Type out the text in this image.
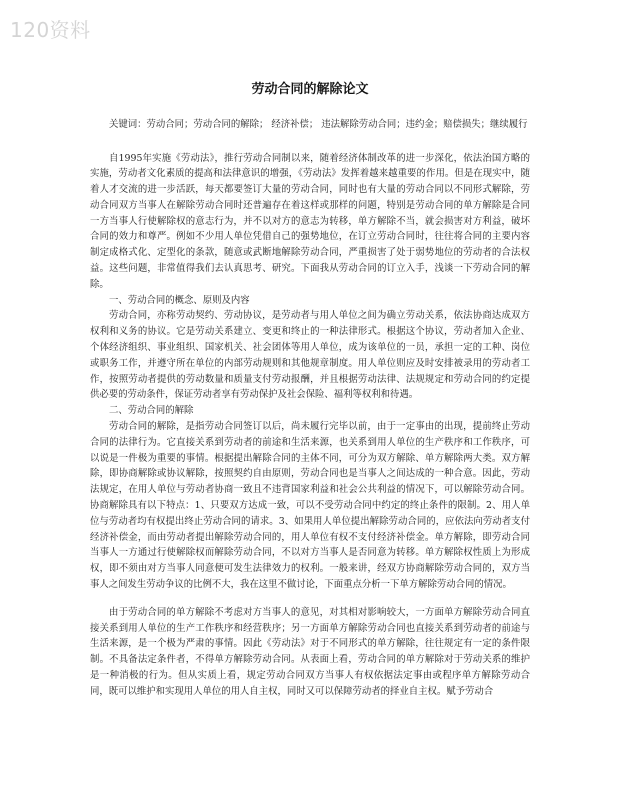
120资料
劳动合同的解除论文

关键词：劳动合同；劳动合同的解除； 经济补偿； 违法解除劳动合同；违约金；赔偿损失；继续履行

自1995年实施《劳动法》，推行劳动合同制以来，随着经济体制改革的进一步深化，依法治国方略的实施，劳动者文化素质的提高和法律意识的增强，《劳动法》发挥着越来越重要的作用。但是在现实中，随着人才交流的进一步活跃，每天都要签订大量的劳动合同，同时也有大量的劳动合同以不同形式解除，劳动合同双方当事人在解除劳动合同时还普遍存在着这样或那样的问题，特别是劳动合同的单方解除是合同一方当事人行使解除权的意志行为，并不以对方的意志为转移，单方解除不当，就会损害对方利益，破坏合同的效力和尊严。例如不少用人单位凭借自己的强势地位，在订立劳动合同时，往往将合同的主要内容制定成格式化、定型化的条款，随意或武断地解除劳动合同，严重损害了处于弱势地位的劳动者的合法权益。这些问题，非常值得我们去认真思考、研究。下面我从劳动合同的订立入手，浅谈一下劳动合同的解除。

一、劳动合同的概念、原则及内容

劳动合同，亦称劳动契约、劳动协议，是劳动者与用人单位之间为确立劳动关系，依法协商达成双方权利和义务的协议。它是劳动关系建立、变更和终止的一种法律形式。根据这个协议，劳动者加入企业、个体经济组织、事业组织、国家机关、社会团体等用人单位，成为该单位的一员，承担一定的工种、岗位或职务工作，并遵守所在单位的内部劳动规则和其他规章制度。用人单位则应及时安排被录用的劳动者工作，按照劳动者提供的劳动数量和质量支付劳动报酬，并且根据劳动法律、法规规定和劳动合同的约定提供必要的劳动条件，保证劳动者享有劳动保护及社会保险、福利等权利和待遇。

二、劳动合同的解除

劳动合同的解除，是指劳动合同签订以后，尚未履行完毕以前，由于一定事由的出现，提前终止劳动合同的法律行为。它直接关系到劳动者的前途和生活来源，也关系到用人单位的生产秩序和工作秩序，可以说是一件极为重要的事情。根据提出解除合同的主体不同，可分为双方解除、单方解除两大类。双方解除，即协商解除或协议解除，按照契约自由原则，劳动合同也是当事人之间达成的一种合意。因此，劳动法规定，在用人单位与劳动者协商一致且不违背国家利益和社会公共利益的情况下，可以解除劳动合同。协商解除具有以下特点：1、只要双方达成一致，可以不受劳动合同中约定的终止条件的限制。2、用人单位与劳动者均有权提出终止劳动合同的请求。3、如果用人单位提出解除劳动合同的，应依法向劳动者支付经济补偿金，而由劳动者提出解除劳动合同的，用人单位有权不支付经济补偿金。单方解除，即劳动合同当事人一方通过行使解除权而解除劳动合同，不以对方当事人是否同意为转移。单方解除权性质上为形成权，即不须由对方当事人同意便可发生法律效力的权利。一般来讲，经双方协商解除劳动合同的，双方当事人之间发生劳动争议的比例不大，我在这里不做讨论，下面重点分析一下单方解除劳动合同的情况。

由于劳动合同的单方解除不考虑对方当事人的意见，对其相对影响较大，一方面单方解除劳动合同直接关系到用人单位的生产工作秩序和经营秩序；另一方面单方解除劳动合同也直接关系到劳动者的前途与生活来源，是一个极为严肃的事情。因此《劳动法》对于不同形式的单方解除，往往规定有一定的条件限制。不具备法定条件者，不得单方解除劳动合同。从表面上看，劳动合同的单方解除对于劳动关系的维护是一种消极的行为。但从实质上看，规定劳动合同双方当事人有权依据法定事由或程序单方解除劳动合同，既可以维护和实现用人单位的用人自主权，同时又可以保障劳动者的择业自主权。赋予劳动合
